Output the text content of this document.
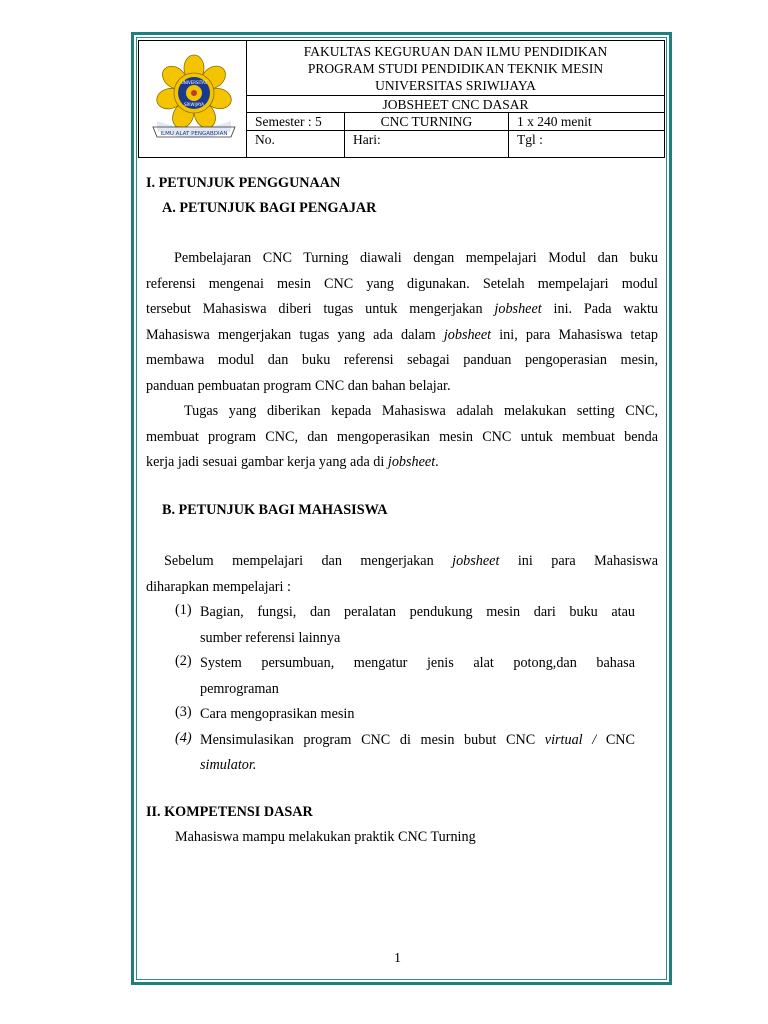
UNIVERSITAS
SRIWIJAYA
ILMU ALAT PENGABDIAN
FAKULTAS KEGURUAN DAN ILMU PENDIDIKAN
PROGRAM STUDI PENDIDIKAN TEKNIK MESIN
UNIVERSITAS SRIWIJAYA
JOBSHEET CNC DASAR
Semester : 5	CNC TURNING	1 x 240 menit
No.	Hari:	Tgl :
I. PETUNJUK PENGGUNAAN
A. PETUNJUK BAGI PENGAJAR
Pembelajaran CNC Turning diawali dengan mempelajari Modul dan buku
referensi mengenai mesin CNC yang digunakan. Setelah mempelajari modul
tersebut Mahasiswa diberi tugas untuk mengerjakan jobsheet ini. Pada waktu
Mahasiswa mengerjakan tugas yang ada dalam jobsheet ini, para Mahasiswa tetap
membawa modul dan buku referensi sebagai panduan pengoperasian mesin,
panduan pembuatan program CNC dan bahan belajar.
Tugas yang diberikan kepada Mahasiswa adalah melakukan setting CNC,
membuat program CNC, dan mengoperasikan mesin CNC untuk membuat benda
kerja jadi sesuai gambar kerja yang ada di jobsheet.
B. PETUNJUK BAGI MAHASISWA
Sebelum mempelajari dan mengerjakan jobsheet ini para Mahasiswa
diharapkan mempelajari :
(1) Bagian, fungsi, dan peralatan pendukung mesin dari buku atau
sumber referensi lainnya
(2) System persumbuan, mengatur jenis alat potong,dan bahasa
pemrograman
(3) Cara mengoprasikan mesin
(4) Mensimulasikan program CNC di mesin bubut CNC virtual / CNC
simulator.
II. KOMPETENSI DASAR
Mahasiswa mampu melakukan praktik CNC Turning
1
